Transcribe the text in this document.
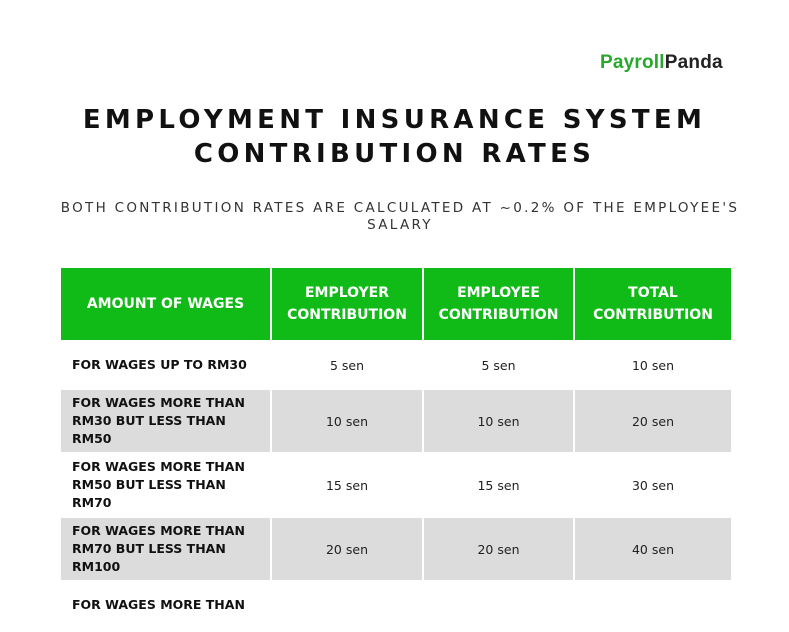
PayrollPanda
EMPLOYMENT INSURANCE SYSTEM
CONTRIBUTION RATES
BOTH CONTRIBUTION RATES ARE CALCULATED AT ~0.2% OF THE EMPLOYEE'S SALARY
AMOUNT OF WAGES	EMPLOYER CONTRIBUTION	EMPLOYEE CONTRIBUTION	TOTAL CONTRIBUTION
FOR WAGES UP TO RM30	5 sen	5 sen	10 sen
FOR WAGES MORE THAN RM30 BUT LESS THAN RM50	10 sen	10 sen	20 sen
FOR WAGES MORE THAN RM50 BUT LESS THAN RM70	15 sen	15 sen	30 sen
FOR WAGES MORE THAN RM70 BUT LESS THAN RM100	20 sen	20 sen	40 sen
FOR WAGES MORE THAN			
